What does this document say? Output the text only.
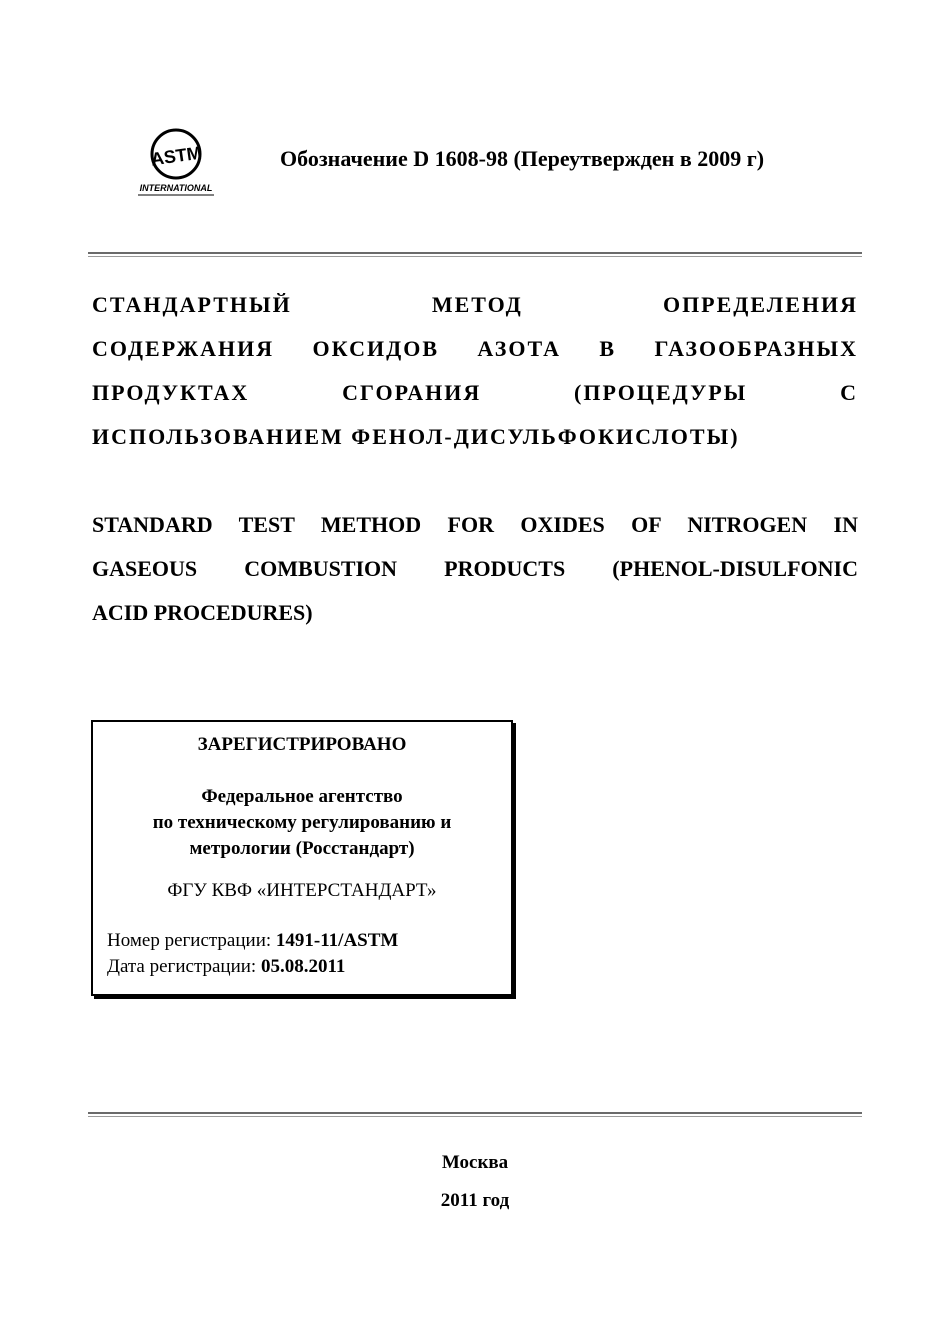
ASTM
INTERNATIONAL
Обозначение D 1608-98 (Переутвержден в 2009 г)
СТАНДАРТНЫЙ МЕТОД ОПРЕДЕЛЕНИЯ
СОДЕРЖАНИЯ ОКСИДОВ АЗОТА В ГАЗООБРАЗНЫХ
ПРОДУКТАХ СГОРАНИЯ (ПРОЦЕДУРЫ С
ИСПОЛЬЗОВАНИЕМ ФЕНОЛ-ДИСУЛЬФОКИСЛОТЫ)
STANDARD TEST METHOD FOR OXIDES OF NITROGEN IN
GASEOUS COMBUSTION PRODUCTS (PHENOL-DISULFONIC
ACID PROCEDURES)
ЗАРЕГИСТРИРОВАНО
Федеральное агентство
по техническому регулированию и
метрологии (Росстандарт)
ФГУ КВФ «ИНТЕРСТАНДАРТ»
Номер регистрации: 1491-11/ASTM
Дата регистрации: 05.08.2011
Москва
2011 год
